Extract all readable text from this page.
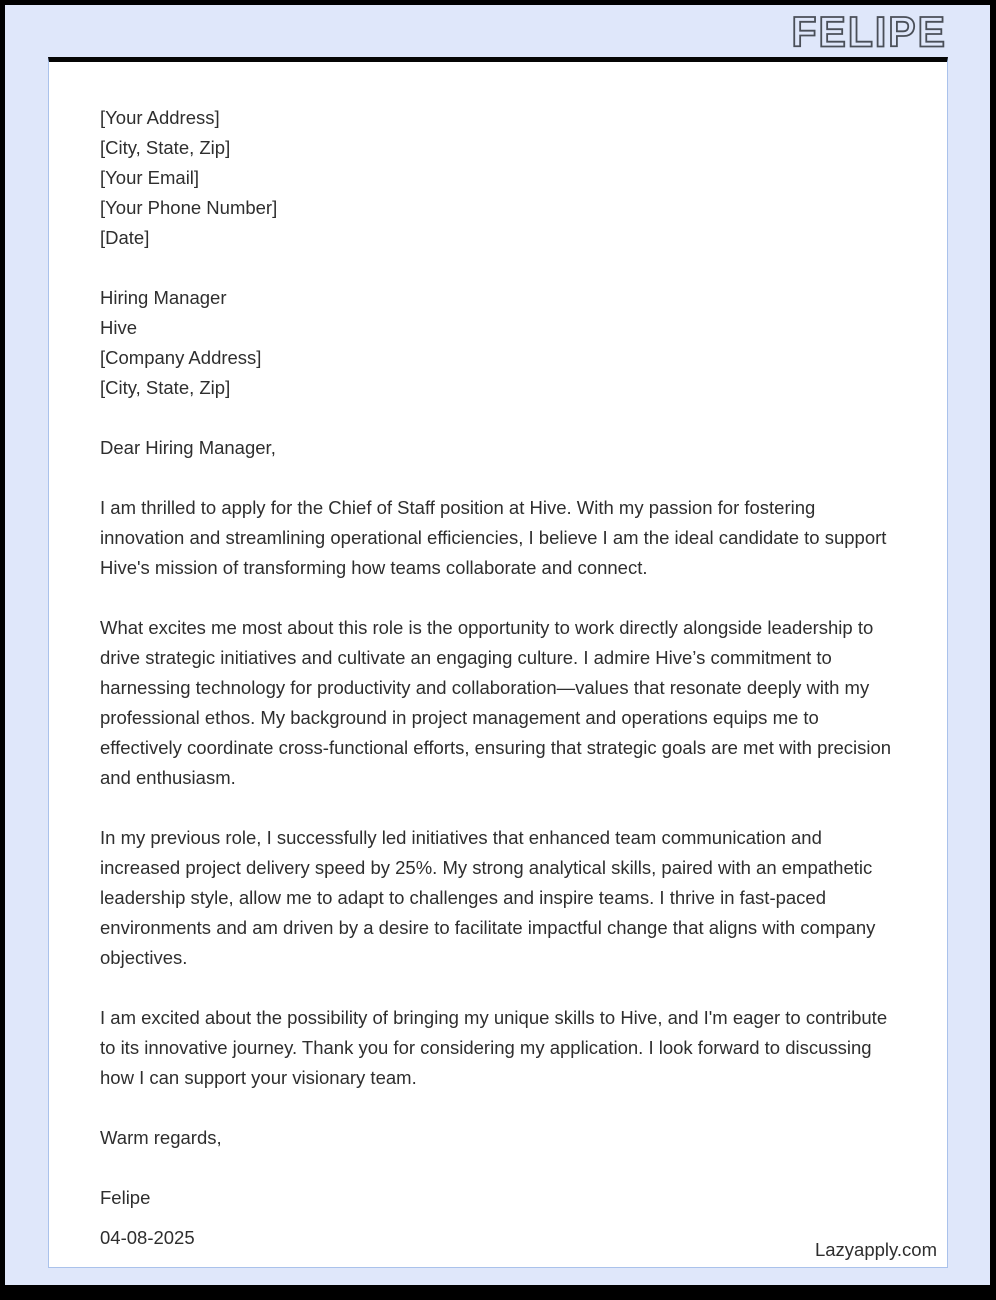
FELIPE
[Your Address]
[City, State, Zip]
[Your Email]
[Your Phone Number]
[Date]
Hiring Manager
Hive
[Company Address]
[City, State, Zip]
Dear Hiring Manager,
I am thrilled to apply for the Chief of Staff position at Hive. With my passion for fostering innovation and streamlining operational efficiencies, I believe I am the ideal candidate to support Hive's mission of transforming how teams collaborate and connect.
What excites me most about this role is the opportunity to work directly alongside leadership to drive strategic initiatives and cultivate an engaging culture. I admire Hive’s commitment to harnessing technology for productivity and collaboration—values that resonate deeply with my professional ethos. My background in project management and operations equips me to effectively coordinate cross-functional efforts, ensuring that strategic goals are met with precision and enthusiasm.
In my previous role, I successfully led initiatives that enhanced team communication and increased project delivery speed by 25%. My strong analytical skills, paired with an empathetic leadership style, allow me to adapt to challenges and inspire teams. I thrive in fast-paced environments and am driven by a desire to facilitate impactful change that aligns with company objectives.
I am excited about the possibility of bringing my unique skills to Hive, and I'm eager to contribute to its innovative journey. Thank you for considering my application. I look forward to discussing how I can support your visionary team.
Warm regards,
Felipe
04-08-2025
Lazyapply.com
